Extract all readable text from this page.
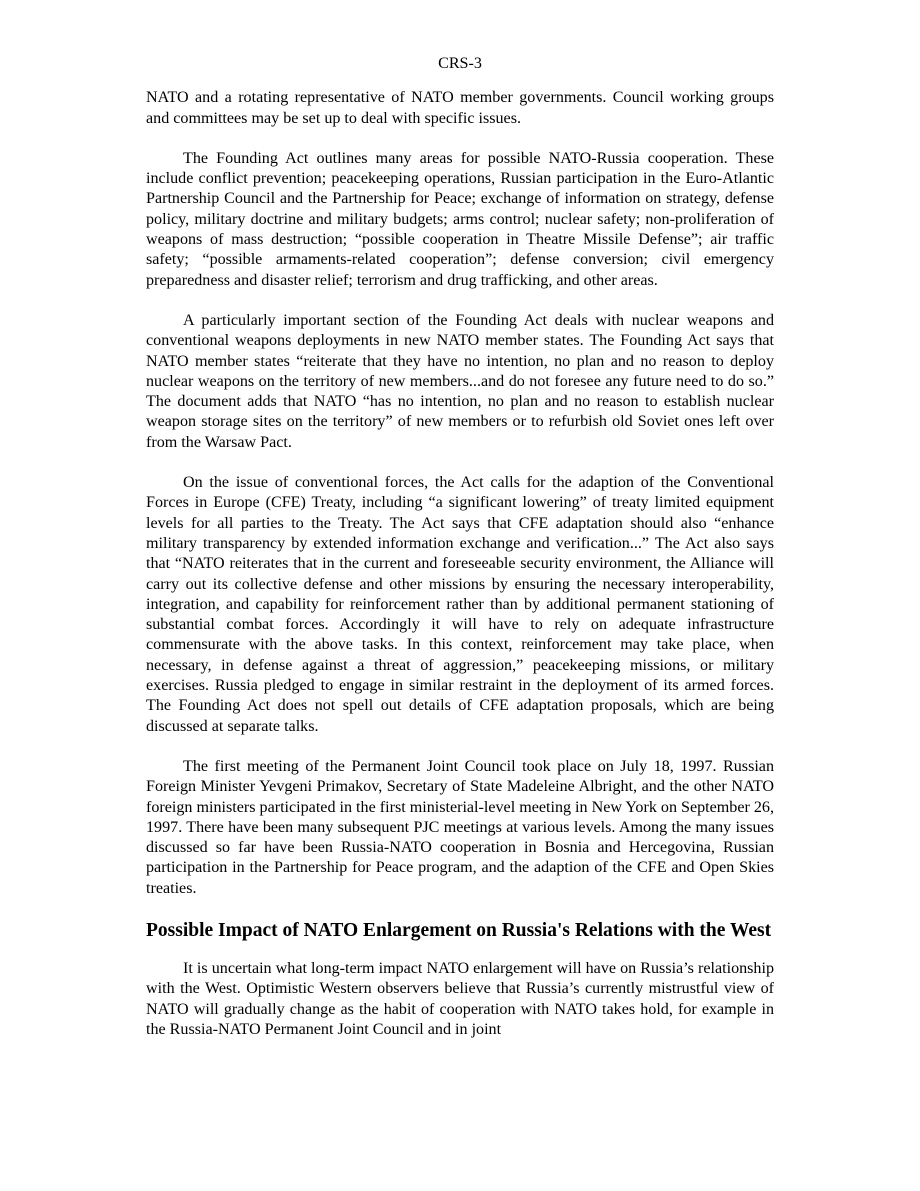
CRS-3

NATO and a rotating representative of NATO member governments. Council working groups and committees may be set up to deal with specific issues.

The Founding Act outlines many areas for possible NATO-Russia cooperation. These include conflict prevention; peacekeeping operations, Russian participation in the Euro-Atlantic Partnership Council and the Partnership for Peace; exchange of information on strategy, defense policy, military doctrine and military budgets; arms control; nuclear safety; non-proliferation of weapons of mass destruction; “possible cooperation in Theatre Missile Defense”; air traffic safety; “possible armaments-related cooperation”; defense conversion; civil emergency preparedness and disaster relief; terrorism and drug trafficking, and other areas.

A particularly important section of the Founding Act deals with nuclear weapons and conventional weapons deployments in new NATO member states. The Founding Act says that NATO member states “reiterate that they have no intention, no plan and no reason to deploy nuclear weapons on the territory of new members...and do not foresee any future need to do so.” The document adds that NATO “has no intention, no plan and no reason to establish nuclear weapon storage sites on the territory” of new members or to refurbish old Soviet ones left over from the Warsaw Pact.

On the issue of conventional forces, the Act calls for the adaption of the Conventional Forces in Europe (CFE) Treaty, including “a significant lowering” of treaty limited equipment levels for all parties to the Treaty. The Act says that CFE adaptation should also “enhance military transparency by extended information exchange and verification...” The Act also says that “NATO reiterates that in the current and foreseeable security environment, the Alliance will carry out its collective defense and other missions by ensuring the necessary interoperability, integration, and capability for reinforcement rather than by additional permanent stationing of substantial combat forces. Accordingly it will have to rely on adequate infrastructure commensurate with the above tasks. In this context, reinforcement may take place, when necessary, in defense against a threat of aggression,” peacekeeping missions, or military exercises. Russia pledged to engage in similar restraint in the deployment of its armed forces. The Founding Act does not spell out details of CFE adaptation proposals, which are being discussed at separate talks.

The first meeting of the Permanent Joint Council took place on July 18, 1997. Russian Foreign Minister Yevgeni Primakov, Secretary of State Madeleine Albright, and the other NATO foreign ministers participated in the first ministerial-level meeting in New York on September 26, 1997. There have been many subsequent PJC meetings at various levels. Among the many issues discussed so far have been Russia-NATO cooperation in Bosnia and Hercegovina, Russian participation in the Partnership for Peace program, and the adaption of the CFE and Open Skies treaties.

Possible Impact of NATO Enlargement on Russia's Relations with the West

It is uncertain what long-term impact NATO enlargement will have on Russia’s relationship with the West. Optimistic Western observers believe that Russia’s currently mistrustful view of NATO will gradually change as the habit of cooperation with NATO takes hold, for example in the Russia-NATO Permanent Joint Council and in joint
